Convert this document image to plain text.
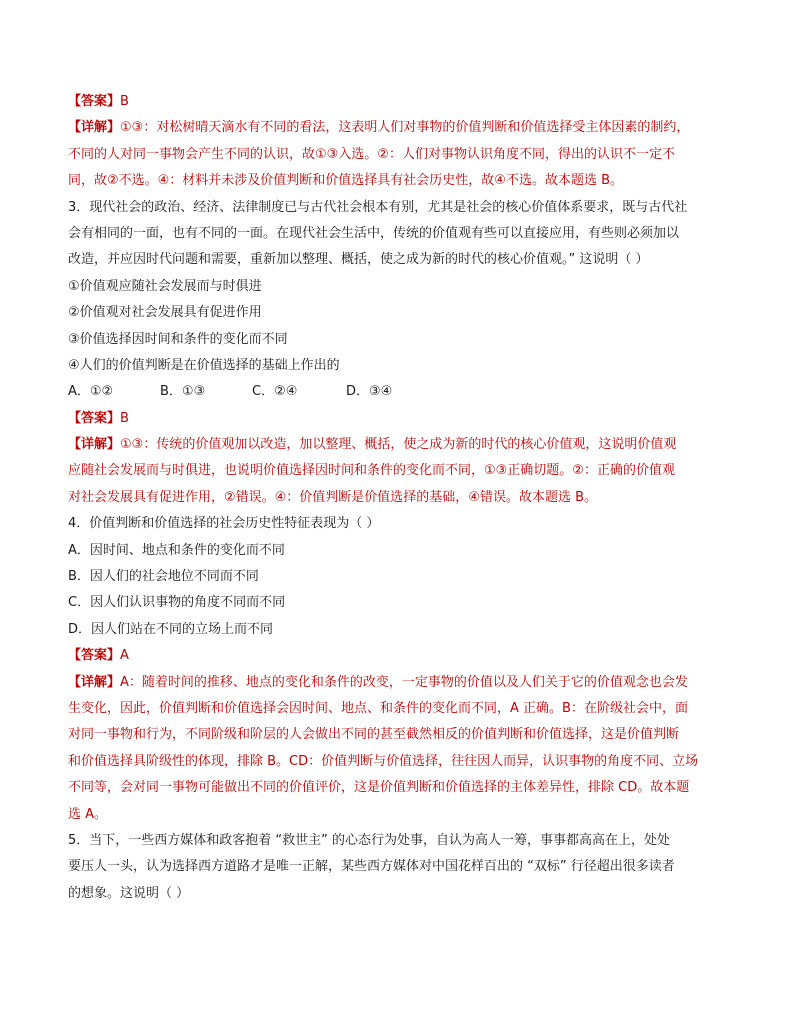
【答案】B
【详解】①③：对松树晴天滴水有不同的看法，这表明人们对事物的价值判断和价值选择受主体因素的制约，
不同的人对同一事物会产生不同的认识，故①③入选。②：人们对事物认识角度不同，得出的认识不一定不
同，故②不选。④：材料并未涉及价值判断和价值选择具有社会历史性，故④不选。故本题选 B。
3．现代社会的政治、经济、法律制度已与古代社会根本有别，尤其是社会的核心价值体系要求，既与古代社
会有相同的一面，也有不同的一面。在现代社会生活中，传统的价值观有些可以直接应用，有些则必须加以
改造，并应因时代问题和需要，重新加以整理、概括，使之成为新的时代的核心价值观。” 这说明（ ）
①价值观应随社会发展而与时俱进
②价值观对社会发展具有促进作用
③价值选择因时间和条件的变化而不同
④人们的价值判断是在价值选择的基础上作出的
A．①②	B．①③	C．②④	D．③④
【答案】B
【详解】①③：传统的价值观加以改造，加以整理、概括，使之成为新的时代的核心价值观，这说明价值观
应随社会发展而与时俱进，也说明价值选择因时间和条件的变化而不同，①③正确切题。②：正确的价值观
对社会发展具有促进作用，②错误。④：价值判断是价值选择的基础，④错误。故本题选 B。
4．价值判断和价值选择的社会历史性特征表现为（ ）
A．因时间、地点和条件的变化而不同
B．因人们的社会地位不同而不同
C．因人们认识事物的角度不同而不同
D．因人们站在不同的立场上而不同
【答案】A
【详解】A：随着时间的推移、地点的变化和条件的改变，一定事物的价值以及人们关于它的价值观念也会发
生变化，因此，价值判断和价值选择会因时间、地点、和条件的变化而不同，A 正确。B：在阶级社会中，面
对同一事物和行为，不同阶级和阶层的人会做出不同的甚至截然相反的价值判断和价值选择，这是价值判断
和价值选择具阶级性的体现，排除 B。CD：价值判断与价值选择，往往因人而异，认识事物的角度不同、立场
不同等，会对同一事物可能做出不同的价值评价，这是价值判断和价值选择的主体差异性，排除 CD。故本题
选 A。
5．当下，一些西方媒体和政客抱着 “救世主” 的心态行为处事，自认为高人一筹，事事都高高在上，处处
要压人一头，认为选择西方道路才是唯一正解，某些西方媒体对中国花样百出的 “双标” 行径超出很多读者
的想象。这说明（ ）
